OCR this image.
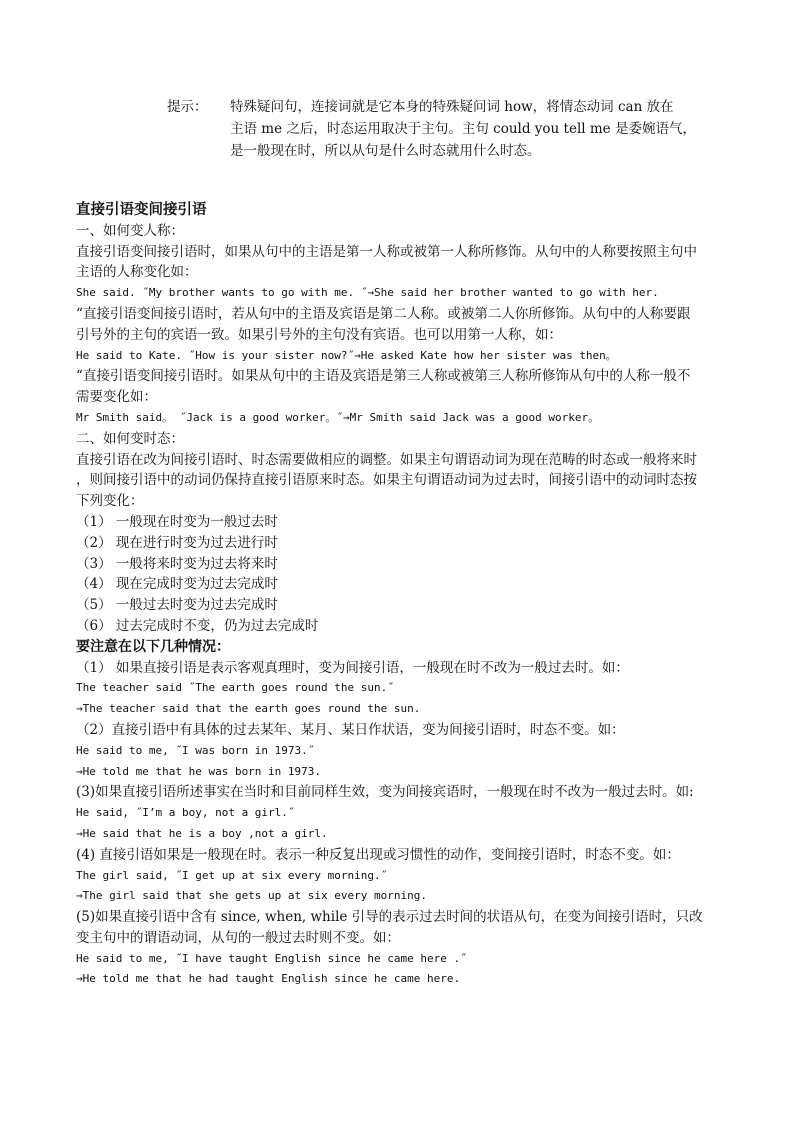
提示： 特殊疑问句，连接词就是它本身的特殊疑问词 how，将情态动词 can 放在
主语 me 之后，时态运用取决于主句。主句 could you tell me 是委婉语气，
是一般现在时，所以从句是什么时态就用什么时态。
直接引语变间接引语
一、如何变人称：
直接引语变间接引语时，如果从句中的主语是第一人称或被第一人称所修饰。从句中的人称要按照主句中
主语的人称变化如：
She said. ˝My brother wants to go with me. ˝→She said her brother wanted to go with her.
“直接引语变间接引语时，若从句中的主语及宾语是第二人称。或被第二人你所修饰。从句中的人称要跟
引号外的主句的宾语一致。如果引号外的主句没有宾语。也可以用第一人称，如：
He said to Kate. ˝How is your sister now?˝→He asked Kate how her sister was then。
“直接引语变间接引语时。如果从句中的主语及宾语是第三人称或被第三人称所修饰从句中的人称一般不
需要变化如：
Mr Smith said。 ˝Jack is a good worker。˝→Mr Smith said Jack was a good worker。
二、如何变时态：
直接引语在改为间接引语时、时态需要做相应的调整。如果主句谓语动词为现在范畴的时态或一般将来时
，则间接引语中的动词仍保持直接引语原来时态。如果主句谓语动词为过去时，间接引语中的动词时态按
下列变化：
（1） 一般现在时变为一般过去时
（2） 现在进行时变为过去进行时
（3） 一般将来时变为过去将来时
（4） 现在完成时变为过去完成时
（5） 一般过去时变为过去完成时
（6） 过去完成时不变，仍为过去完成时
要注意在以下几种情况：
（1） 如果直接引语是表示客观真理时，变为间接引语，一般现在时不改为一般过去时。如：
The teacher said ˝The earth goes round the sun.˝
→The teacher said that the earth goes round the sun.
（2）直接引语中有具体的过去某年、某月、某日作状语，变为间接引语时，时态不变。如：
He said to me, ˝I was born in 1973.˝
→He told me that he was born in 1973.
(3)如果直接引语所述事实在当时和目前同样生效，变为间接宾语时，一般现在时不改为一般过去时。如:
He said, ˝I’m a boy, not a girl.˝
→He said that he is a boy ,not a girl.
(4) 直接引语如果是一般现在时。表示一种反复出现或习惯性的动作，变间接引语时，时态不变。如：
The girl said, ˝I get up at six every morning.˝
→The girl said that she gets up at six every morning.
(5)如果直接引语中含有 since, when, while 引导的表示过去时间的状语从句，在变为间接引语时，只改
变主句中的谓语动词，从句的一般过去时则不变。如：
He said to me, ˝I have taught English since he came here .˝
→He told me that he had taught English since he came here.
